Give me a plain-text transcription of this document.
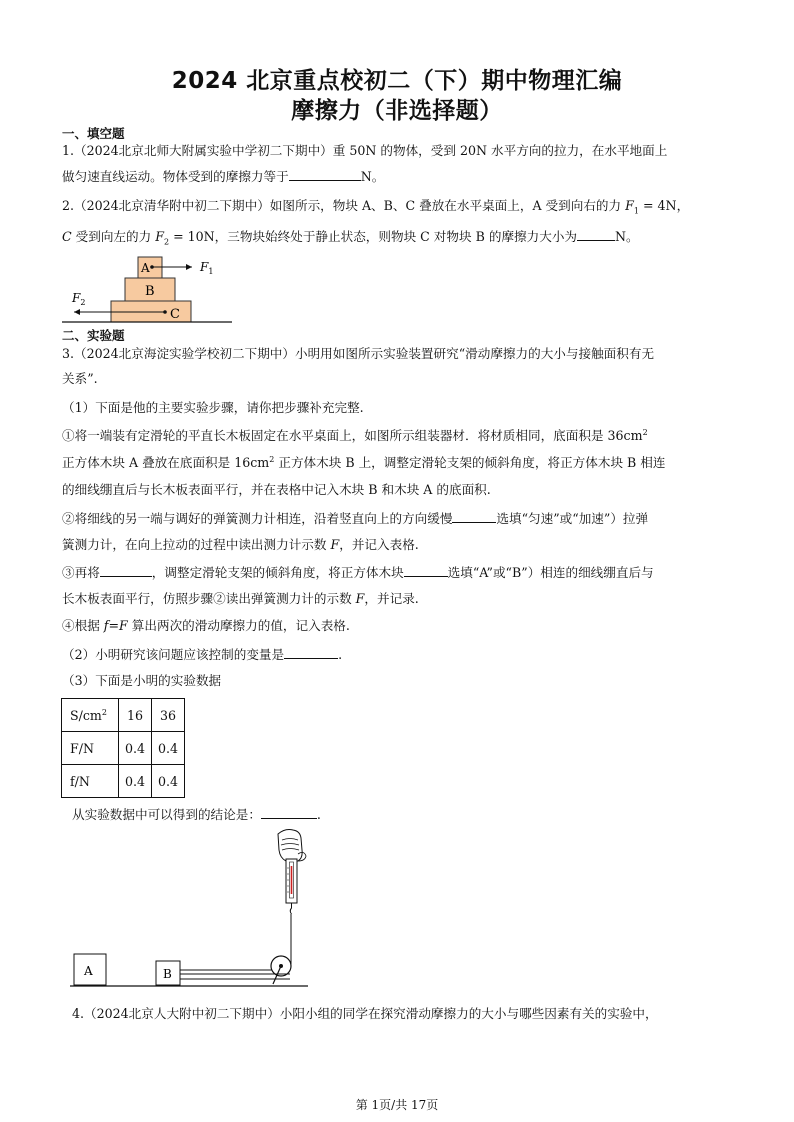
2024 北京重点校初二（下）期中物理汇编
摩擦力（非选择题）
一、填空题
1.（2024北京北师大附属实验中学初二下期中）重 50N 的物体，受到 20N 水平方向的拉力，在水平地面上
做匀速直线运动。物体受到的摩擦力等于	N。
2.（2024北京清华附中初二下期中）如图所示，物块 A、B、C 叠放在水平桌面上，A 受到向右的力 $F_1 = 4N$，
C 受到向左的力 $F_2 = 10N$，三物块始终处于静止状态，则物块 C 对物块 B 的摩擦力大小为	N。
A
B
C
$F_1$
$F_2$
二、实验题
3.（2024北京海淀实验学校初二下期中）小明用如图所示实验装置研究“滑动摩擦力的大小与接触面积有无
关系”.
（1）下面是他的主要实验步骤，请你把步骤补充完整.
①将一端装有定滑轮的平直长木板固定在水平桌面上，如图所示组装器材．将材质相同，底面积是 $36cm^2$
正方体木块 A 叠放在底面积是 $16cm^2$ 正方体木块 B 上，调整定滑轮支架的倾斜角度，将正方体木块 B 相连
的细线绷直后与长木板表面平行，并在表格中记入木块 B 和木块 A 的底面积.
②将细线的另一端与调好的弹簧测力计相连，沿着竖直向上的方向缓慢	选填“匀速”或“加速”）拉弹
簧测力计，在向上拉动的过程中读出测力计示数 F，并记入表格.
③再将	，调整定滑轮支架的倾斜角度，将正方体木块	选填“A”或“B”）相连的细线绷直后与
长木板表面平行，仿照步骤②读出弹簧测力计的示数 F，并记录.
④根据 f=F 算出两次的滑动摩擦力的值，记入表格.
（2）小明研究该问题应该控制的变量是	.
（3）下面是小明的实验数据
$S/cm^2$	16	36
F/N	0.4	0.4
f/N	0.4	0.4
从实验数据中可以得到的结论是：	.
A	B
4.（2024北京人大附中初二下期中）小阳小组的同学在探究滑动摩擦力的大小与哪些因素有关的实验中，
第 1页/共 17页
